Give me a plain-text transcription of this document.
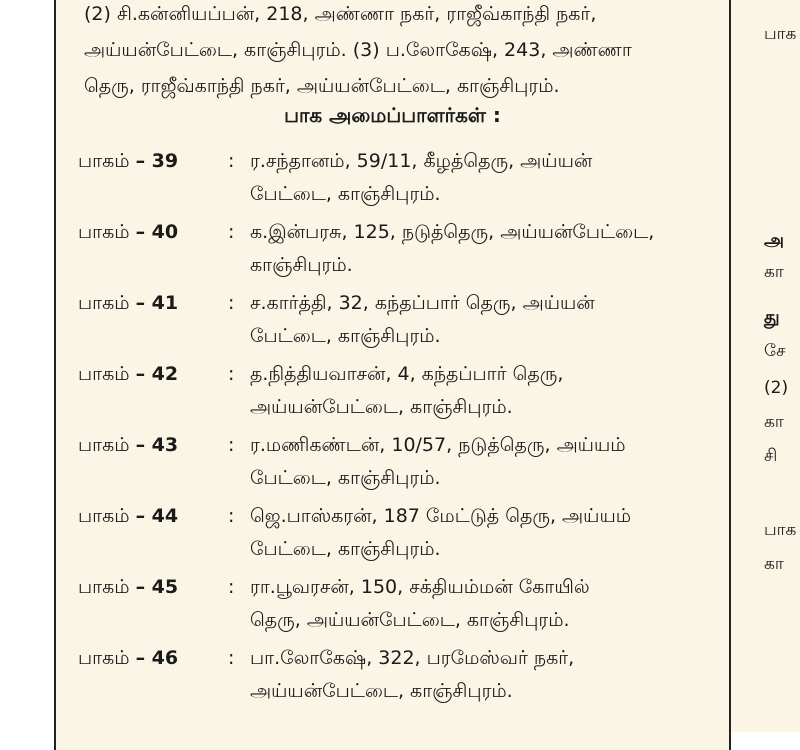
(2) சி.கன்னியப்பன், 218, அண்ணா நகர், ராஜீவ்காந்தி நகர்,
அய்யன்பேட்டை, காஞ்சிபுரம். (3) ப.லோகேஷ், 243, அண்ணா
தெரு, ராஜீவ்காந்தி நகர், அய்யன்பேட்டை, காஞ்சிபுரம்.

பாக அமைப்பாளர்கள் :
பாகம் – 39	: ர.சந்தானம், 59/11, கீழத்தெரு, அய்யன்
பேட்டை, காஞ்சிபுரம்.
பாகம் – 40	: க.இன்பரசு, 125, நடுத்தெரு, அய்யன்பேட்டை,
காஞ்சிபுரம்.
பாகம் – 41	: ச.கார்த்தி, 32, கந்தப்பார் தெரு, அய்யன்
பேட்டை, காஞ்சிபுரம்.
பாகம் – 42	: த.நித்தியவாசன், 4, கந்தப்பார் தெரு,
அய்யன்பேட்டை, காஞ்சிபுரம்.
பாகம் – 43	: ர.மணிகண்டன், 10/57, நடுத்தெரு, அய்யம்
பேட்டை, காஞ்சிபுரம்.
பாகம் – 44	: ஜெ.பாஸ்கரன், 187 மேட்டுத் தெரு, அய்யம்
பேட்டை, காஞ்சிபுரம்.
பாகம் – 45	: ரா.பூவரசன், 150, சக்தியம்மன் கோயில்
தெரு, அய்யன்பேட்டை, காஞ்சிபுரம்.
பாகம் – 46	: பா.லோகேஷ், 322, பரமேஸ்வர் நகர்,
அய்யன்பேட்டை, காஞ்சிபுரம்.
பாக
அ
கா
து
சே
(2)
கா
சி
பாக
கா
